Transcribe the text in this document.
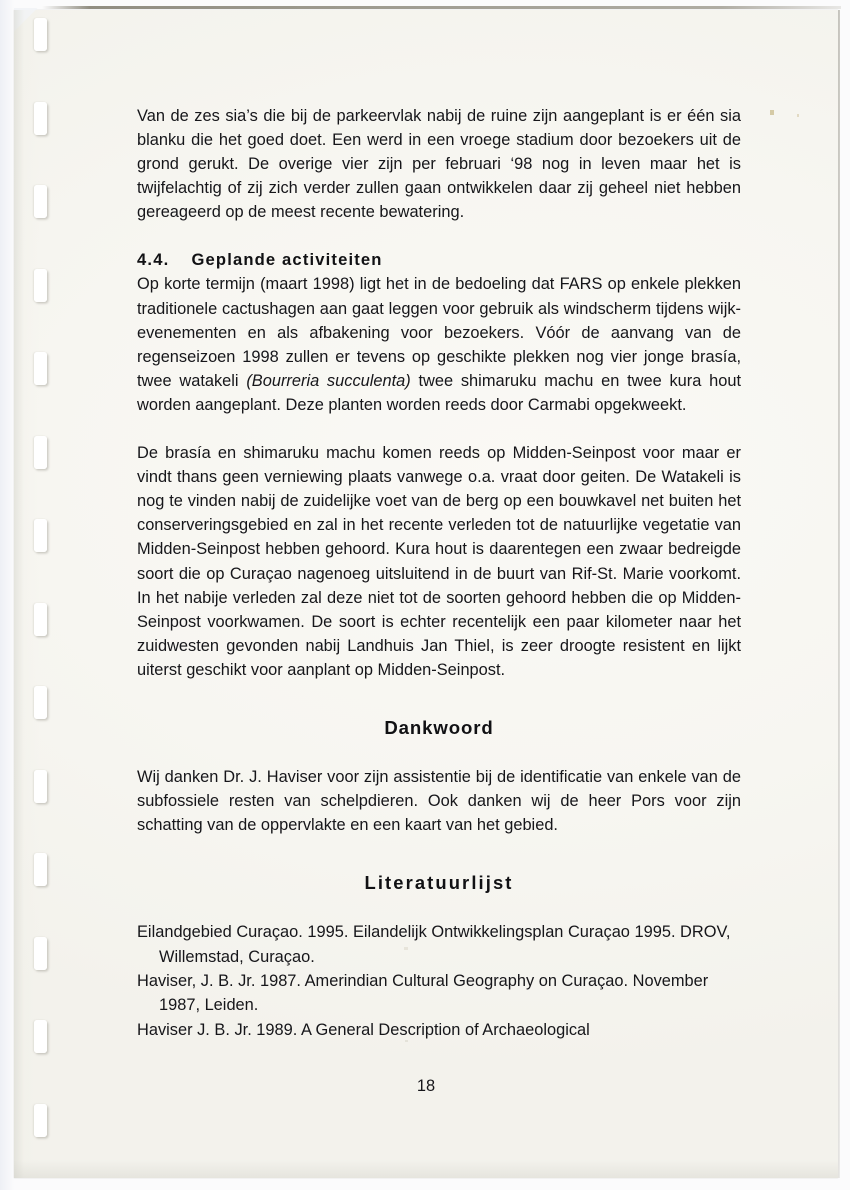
Van de zes sia’s die bij de parkeervlak nabij de ruine zijn aangeplant is er één sia blanku die het goed doet. Een werd in een vroege stadium door bezoekers uit de grond gerukt. De overige vier zijn per februari ‘98 nog in leven maar het is twijfelachtig of zij zich verder zullen gaan ontwikkelen daar zij geheel niet hebben gereageerd op de meest recente bewatering.

4.4. Geplande activiteiten

Op korte termijn (maart 1998) ligt het in de bedoeling dat FARS op enkele plekken traditionele cactushagen aan gaat leggen voor gebruik als windscherm tijdens wijk-evenementen en als afbakening voor bezoekers. Vóór de aanvang van de regenseizoen 1998 zullen er tevens op geschikte plekken nog vier jonge brasía, twee watakeli (Bourreria succulenta) twee shimaruku machu en twee kura hout worden aangeplant. Deze planten worden reeds door Carmabi opgekweekt.

De brasía en shimaruku machu komen reeds op Midden-Seinpost voor maar er vindt thans geen verniewing plaats vanwege o.a. vraat door geiten. De Watakeli is nog te vinden nabij de zuidelijke voet van de berg op een bouwkavel net buiten het conserveringsgebied en zal in het recente verleden tot de natuurlijke vegetatie van Midden-Seinpost hebben gehoord. Kura hout is daarentegen een zwaar bedreigde soort die op Curaçao nagenoeg uitsluitend in de buurt van Rif-St. Marie voorkomt. In het nabije verleden zal deze niet tot de soorten gehoord hebben die op Midden-Seinpost voorkwamen. De soort is echter recentelijk een paar kilometer naar het zuidwesten gevonden nabij Landhuis Jan Thiel, is zeer droogte resistent en lijkt uiterst geschikt voor aanplant op Midden-Seinpost.

Dankwoord

Wij danken Dr. J. Haviser voor zijn assistentie bij de identificatie van enkele van de subfossiele resten van schelpdieren. Ook danken wij de heer Pors voor zijn schatting van de oppervlakte en een kaart van het gebied.

Literatuurlijst
Eilandgebied Curaçao. 1995. Eilandelijk Ontwikkelingsplan Curaçao 1995. DROV, Willemstad, Curaçao.
Haviser, J. B. Jr. 1987. Amerindian Cultural Geography on Curaçao. November 1987, Leiden.
Haviser J. B. Jr. 1989. A General Description of Archaeological
18
